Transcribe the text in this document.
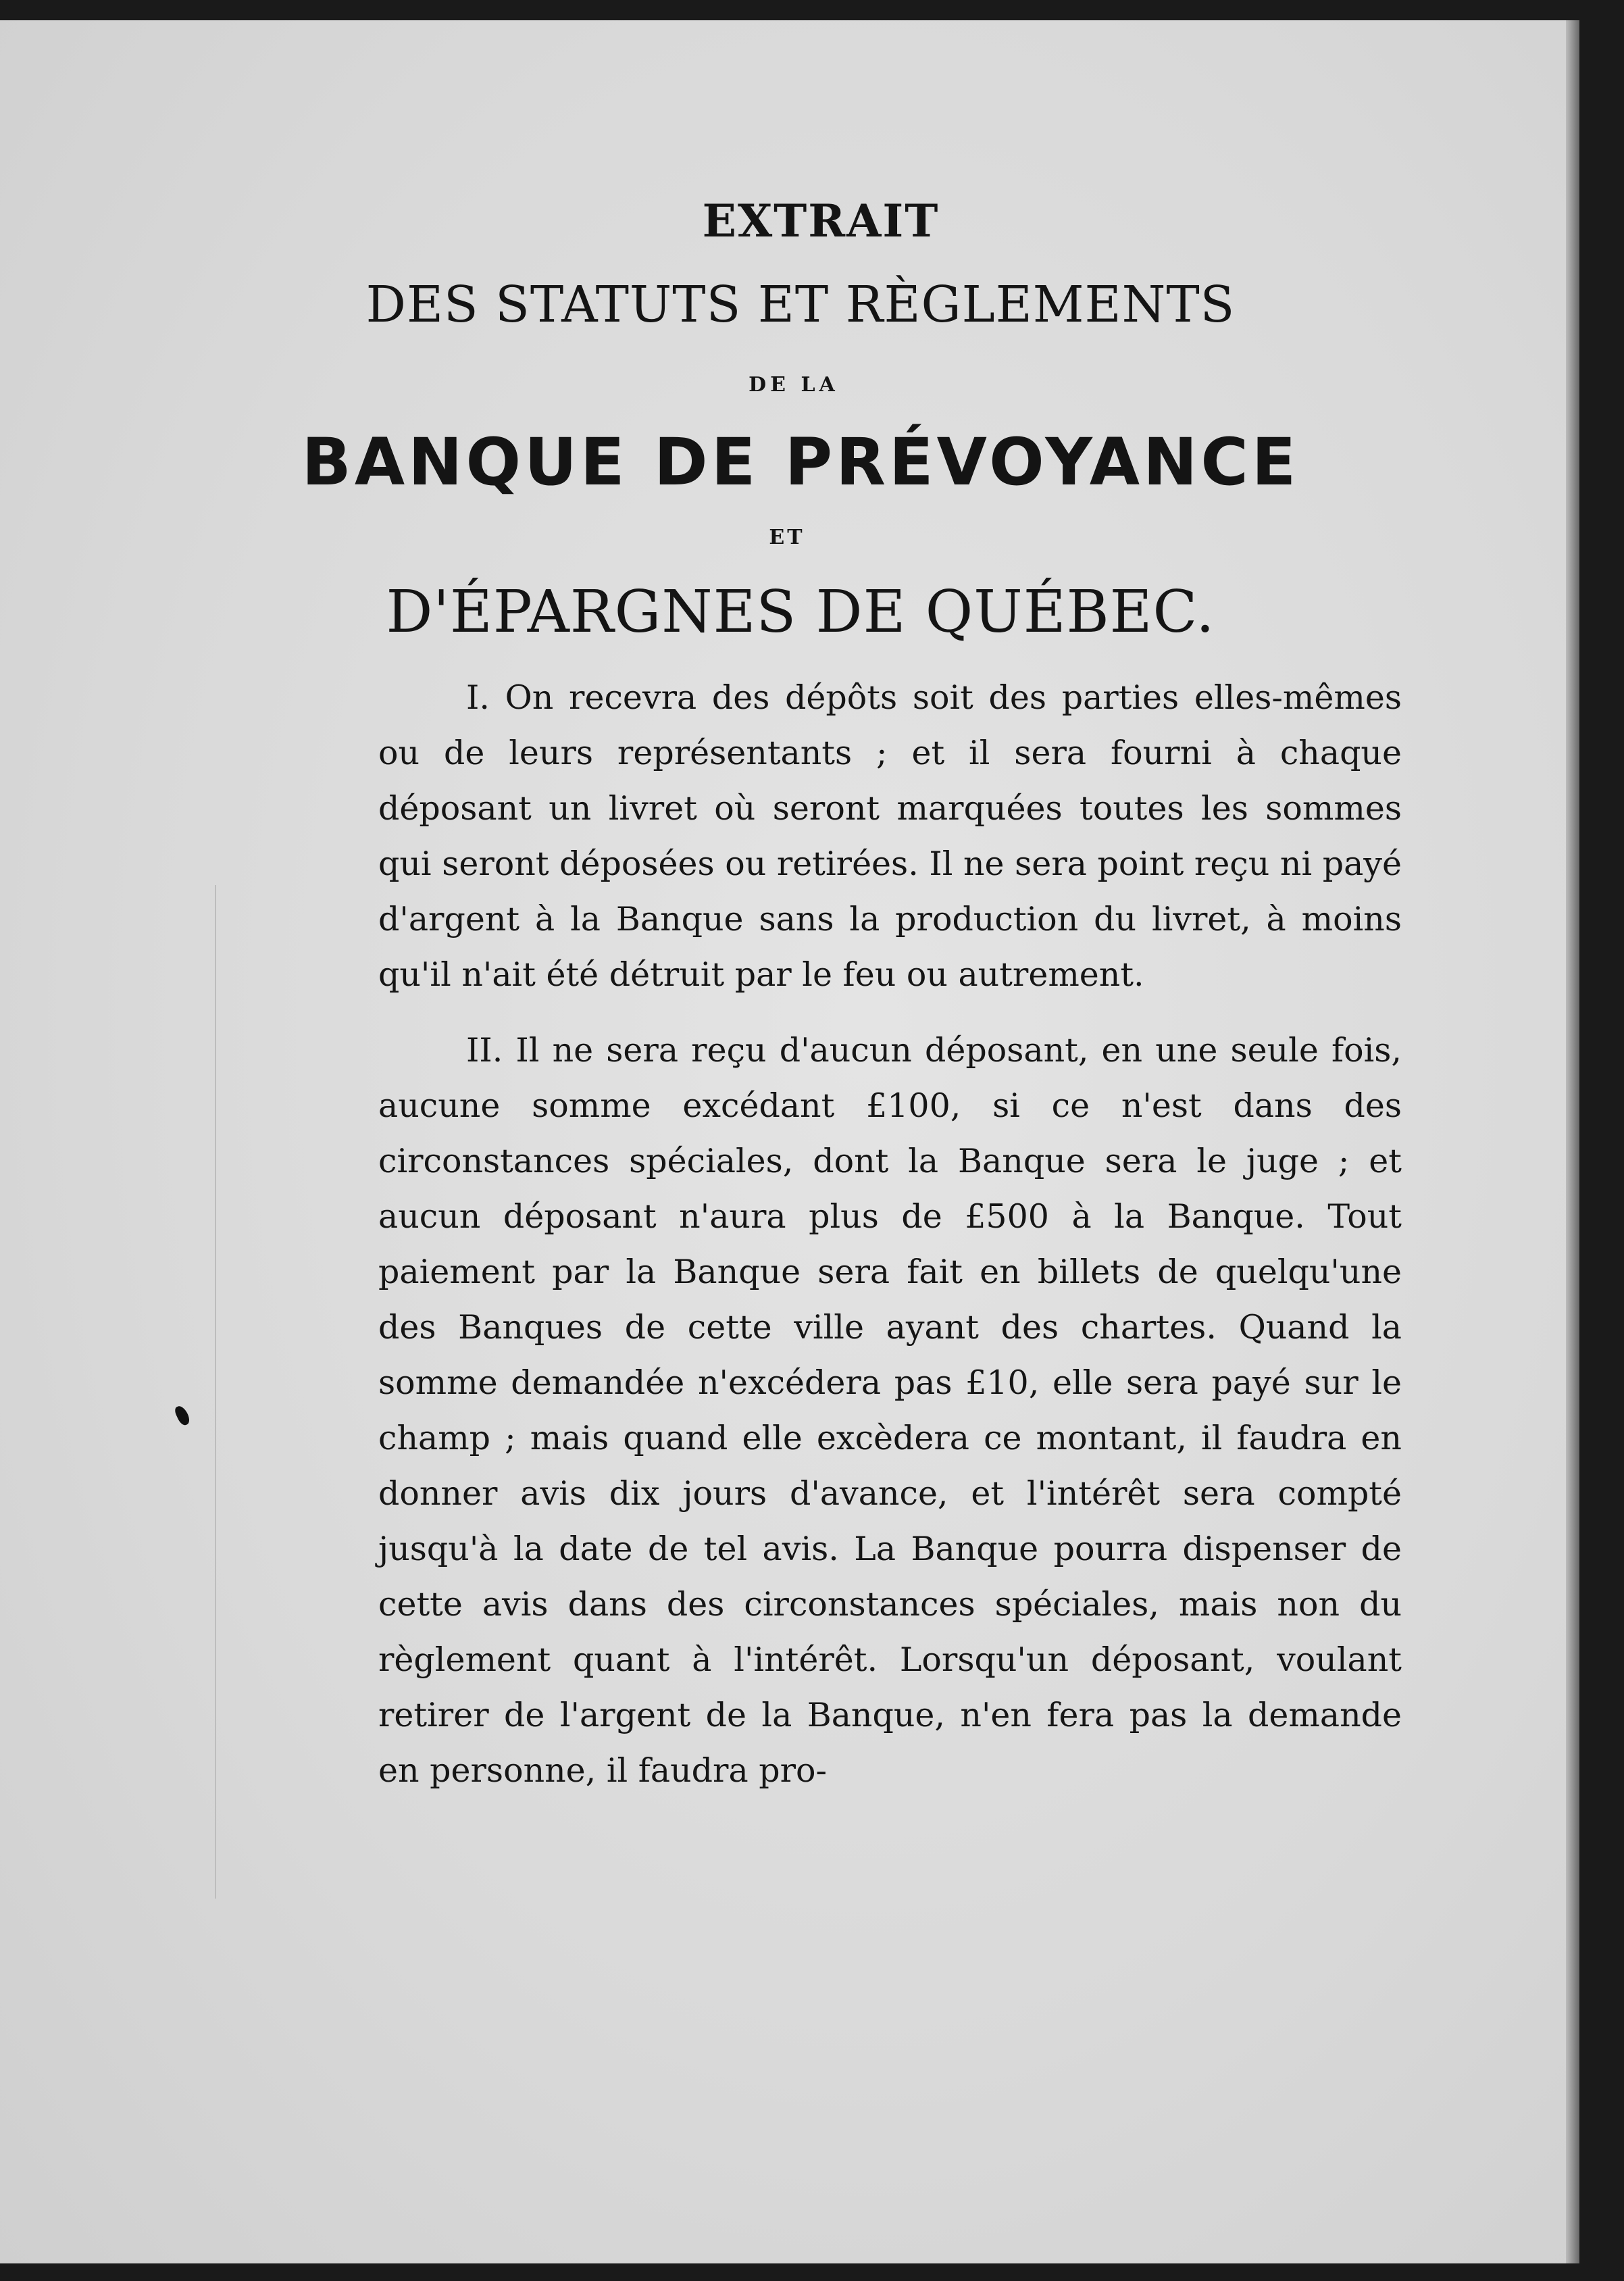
EXTRAIT
DES STATUTS ET RÈGLEMENTS
DE LA
BANQUE DE PRÉVOYANCE
ET
D'ÉPARGNES DE QUÉBEC.

I. On recevra des dépôts soit des parties elles-mêmes ou de leurs représentants ; et il sera fourni à chaque déposant un livret où seront marquées toutes les sommes qui seront déposées ou retirées. Il ne sera point reçu ni payé d'argent à la Banque sans la production du livret, à moins qu'il n'ait été détruit par le feu ou autrement.

II. Il ne sera reçu d'aucun déposant, en une seule fois, aucune somme excédant £100, si ce n'est dans des circonstances spéciales, dont la Banque sera le juge ; et aucun déposant n'aura plus de £500 à la Banque. Tout paiement par la Banque sera fait en billets de quelqu'une des Banques de cette ville ayant des chartes. Quand la somme demandée n'excédera pas £10, elle sera payé sur le champ ; mais quand elle excèdera ce montant, il faudra en donner avis dix jours d'avance, et l'intérêt sera compté jusqu'à la date de tel avis. La Banque pourra dispenser de cette avis dans des circonstances spéciales, mais non du règlement quant à l'intérêt. Lorsqu'un déposant, voulant retirer de l'argent de la Banque, n'en fera pas la demande en personne, il faudra pro-
